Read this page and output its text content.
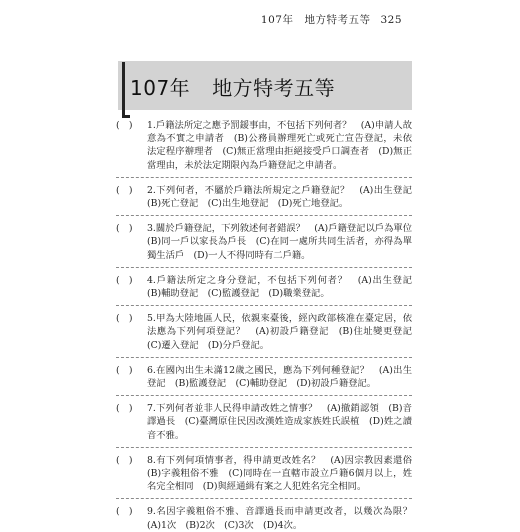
107年　地方特考五等 325
107年 地方特考五等
(　)	1.戶籍法所定之應予罰鍰事由，不包括下列何者？　(A)申請人故意為不實之申請者　(B)公務員辦理死亡或死亡宣告登記，未依法定程序辦理者　(C)無正當理由拒絕接受戶口調查者　(D)無正當理由，未於法定期限內為戶籍登記之申請者。
(　)	2.下列何者，不屬於戶籍法所規定之戶籍登記？　(A)出生登記　(B)死亡登記　(C)出生地登記　(D)死亡地登記。
(　)	3.關於戶籍登記，下列敘述何者錯誤？　(A)戶籍登記以戶為單位　(B)同一戶以家長為戶長　(C)在同一處所共同生活者，亦得為單獨生活戶　(D)一人不得同時有二戶籍。
(　)	4.戶籍法所定之身分登記，不包括下列何者？　(A)出生登記　(B)輔助登記　(C)監護登記　(D)職業登記。
(　)	5.甲為大陸地區人民，依親來臺後，經內政部核准在臺定居，依法應為下列何項登記？　(A)初設戶籍登記　(B)住址變更登記　(C)遷入登記　(D)分戶登記。
(　)	6.在國內出生未滿12歲之國民，應為下列何種登記？　(A)出生登記　(B)監護登記　(C)輔助登記　(D)初設戶籍登記。
(　)	7.下列何者並非人民得申請改姓之情事？　(A)撤銷認領　(B)音譯過長　(C)臺灣原住民因改漢姓造成家族姓氏誤植　(D)姓之讀音不雅。
(　)	8.有下列何項情事者，得申請更改姓名？　(A)因宗教因素還俗　(B)字義粗俗不雅　(C)同時在一直轄市設立戶籍6個月以上，姓名完全相同　(D)與經通緝有案之人犯姓名完全相同。
(　)	9.名因字義粗俗不雅、音譯過長而申請更改者，以幾次為限？　(A)1次　(B)2次　(C)3次　(D)4次。
